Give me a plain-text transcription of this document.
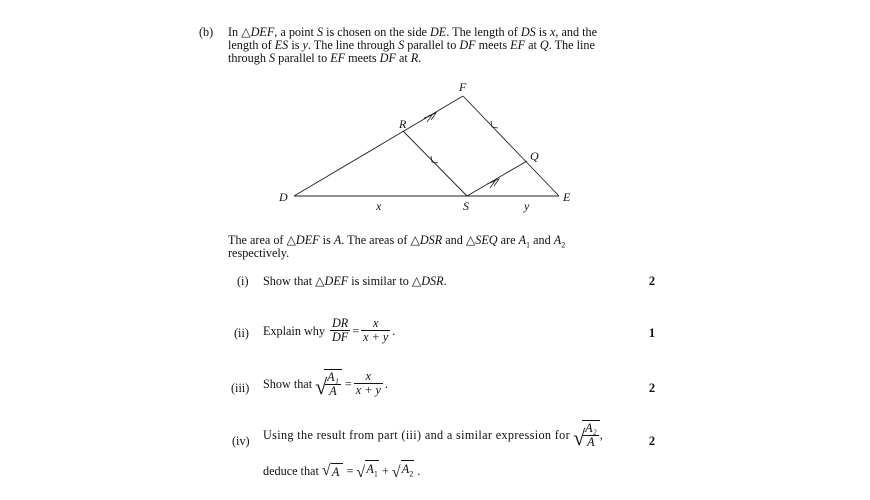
(b) In △DEF, a point S is chosen on the side DE. The length of DS is x, and the
length of ES is y. The line through S parallel to DF meets EF at Q. The line
through S parallel to EF meets DF at R.
D	E
F
R
S
Q
x	y
The area of △DEF is A. The areas of △DSR and △SEQ are $A_1$ and $A_2$
respectively.
(i) Show that △DEF is similar to △DSR.	2
(ii) Explain why
$\frac{DR}{DF} = \frac{x}{x + y}$ .	1
(iii) Show that
√
$\frac{\text{A₁}}{A} = \frac{x}{x + y}$ .	2
(iv) Using the result from part (iii) and a similar expression for
√
$\frac{\text{A₂}}{A}$ ,	2
deduce that
√ A = √ $A_1$ + √ $A_2$ .
